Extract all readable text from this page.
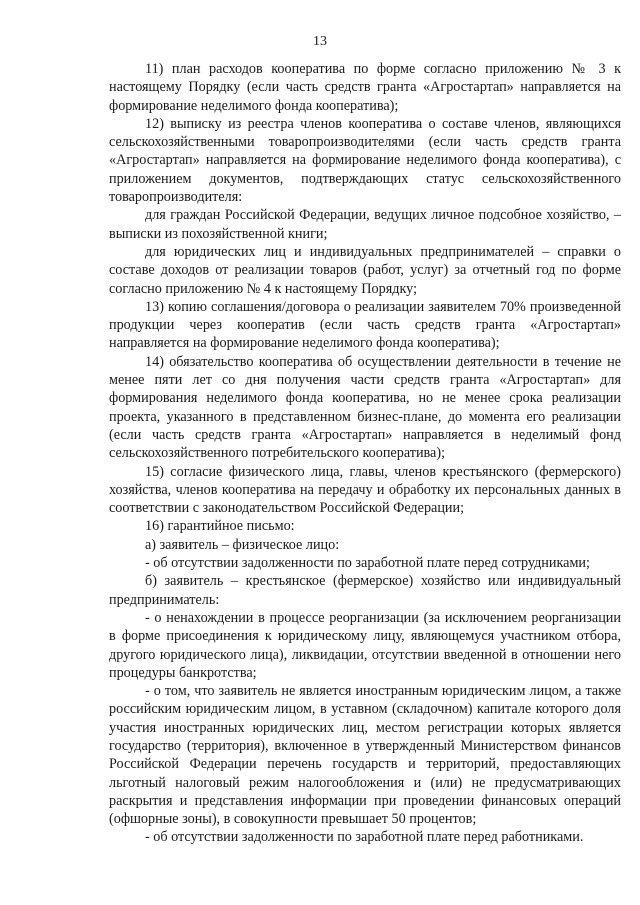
13

11) план расходов кооператива по форме согласно приложению № 3 к настоящему Порядку (если часть средств гранта «Агростартап» направляется на формирование неделимого фонда кооператива);

12) выписку из реестра членов кооператива о составе членов, являющихся сельскохозяйственными товаропроизводителями (если часть средств гранта «Агростартап» направляется на формирование неделимого фонда кооператива), с приложением документов, подтверждающих статус сельскохозяйственного товаропроизводителя:

для граждан Российской Федерации, ведущих личное подсобное хозяйство, – выписки из похозяйственной книги;

для юридических лиц и индивидуальных предпринимателей – справки о составе доходов от реализации товаров (работ, услуг) за отчетный год по форме согласно приложению № 4 к настоящему Порядку;

13) копию соглашения/договора о реализации заявителем 70% произведенной продукции через кооператив (если часть средств гранта «Агростартап» направляется на формирование неделимого фонда кооператива);

14) обязательство кооператива об осуществлении деятельности в течение не менее пяти лет со дня получения части средств гранта «Агростартап» для формирования неделимого фонда кооператива, но не менее срока реализации проекта, указанного в представленном бизнес-плане, до момента его реализации (если часть средств гранта «Агростартап» направляется в неделимый фонд сельскохозяйственного потребительского кооператива);

15) согласие физического лица, главы, членов крестьянского (фермерского) хозяйства, членов кооператива на передачу и обработку их персональных данных в соответствии с законодательством Российской Федерации;

16) гарантийное письмо:

а) заявитель – физическое лицо:

- об отсутствии задолженности по заработной плате перед сотрудниками;

б) заявитель – крестьянское (фермерское) хозяйство или индивидуальный предприниматель:

- о ненахождении в процессе реорганизации (за исключением реорганизации в форме присоединения к юридическому лицу, являющемуся участником отбора, другого юридического лица), ликвидации, отсутствии введенной в отношении него процедуры банкротства;

- о том, что заявитель не является иностранным юридическим лицом, а также российским юридическим лицом, в уставном (складочном) капитале которого доля участия иностранных юридических лиц, местом регистрации которых является государство (территория), включенное в утвержденный Министерством финансов Российской Федерации перечень государств и территорий, предоставляющих льготный налоговый режим налогообложения и (или) не предусматривающих раскрытия и представления информации при проведении финансовых операций (офшорные зоны), в совокупности превышает 50 процентов;

- об отсутствии задолженности по заработной плате перед работниками.
